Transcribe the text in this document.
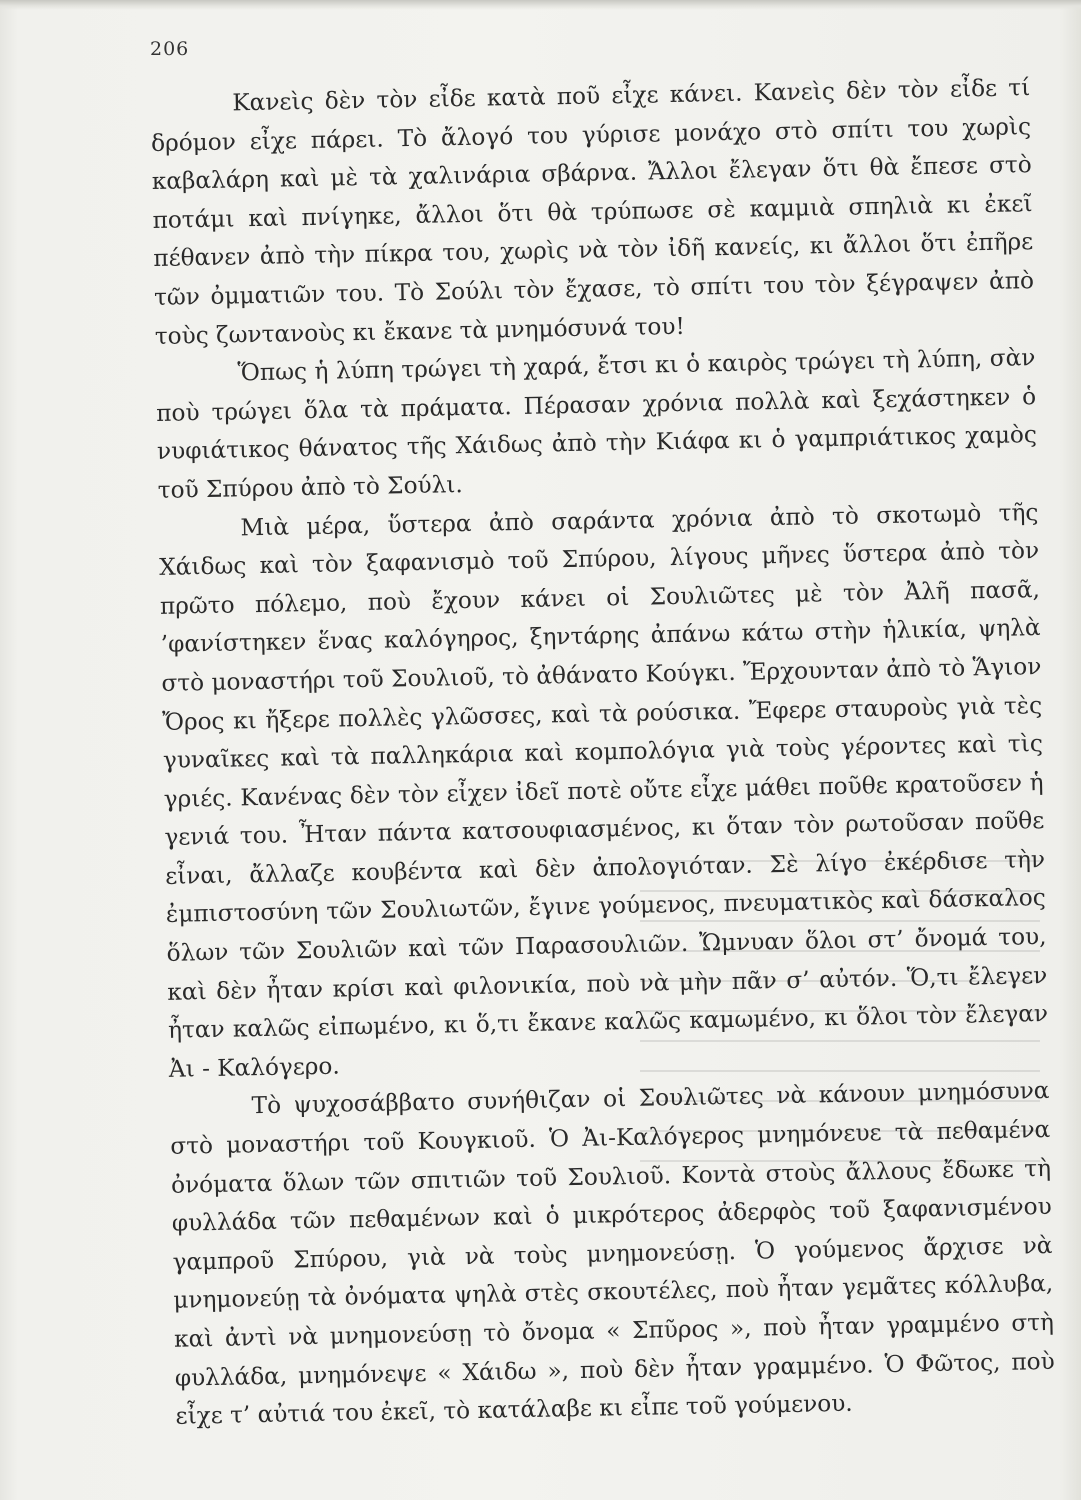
206

Κανεὶς δὲν τὸν εἶδε κατὰ ποῦ εἶχε κάνει. Κανεὶς δὲν τὸν εἶδε τί δρόμον εἶχε πάρει. Τὸ ἄλογό του γύρισε μονάχο στὸ σπίτι του χωρὶς καβαλάρη καὶ μὲ τὰ χαλινάρια σβάρνα. Ἄλλοι ἔλεγαν ὅτι θὰ ἔπεσε στὸ ποτάμι καὶ πνίγηκε, ἄλλοι ὅτι θὰ τρύπωσε σὲ καμμιὰ σπηλιὰ κι ἐκεῖ πέθανεν ἀπὸ τὴν πίκρα του, χωρὶς νὰ τὸν ἰδῆ κανείς, κι ἄλλοι ὅτι ἐπῆρε τῶν ὀμματιῶν του. Τὸ Σούλι τὸν ἔχασε, τὸ σπίτι του τὸν ξέγραψεν ἀπὸ τοὺς ζωντανοὺς κι ἔκανε τὰ μνημόσυνά του!

Ὅπως ἡ λύπη τρώγει τὴ χαρά, ἔτσι κι ὁ καιρὸς τρώγει τὴ λύπη, σὰν ποὺ τρώγει ὅλα τὰ πράματα. Πέρασαν χρόνια πολλὰ καὶ ξεχάστηκεν ὁ νυφιάτικος θάνατος τῆς Χάιδως ἀπὸ τὴν Κιάφα κι ὁ γαμπριάτικος χαμὸς τοῦ Σπύρου ἀπὸ τὸ Σούλι.

Μιὰ μέρα, ὕστερα ἀπὸ σαράντα χρόνια ἀπὸ τὸ σκοτωμὸ τῆς Χάιδως καὶ τὸν ξαφανισμὸ τοῦ Σπύρου, λίγους μῆνες ὕστερα ἀπὸ τὸν πρῶτο πόλεμο, ποὺ ἔχουν κάνει οἱ Σουλιῶτες μὲ τὸν Ἀλῆ πασᾶ, ’φανίστηκεν ἕνας καλόγηρος, ξηντάρης ἀπάνω κάτω στὴν ἡλικία, ψηλὰ στὸ μοναστήρι τοῦ Σουλιοῦ, τὸ ἀθάνατο Κούγκι. Ἔρχουνταν ἀπὸ τὸ Ἅγιον Ὄρος κι ἤξερε πολλὲς γλῶσσες, καὶ τὰ ρούσικα. Ἔφερε σταυροὺς γιὰ τὲς γυναῖκες καὶ τὰ παλληκάρια καὶ κομπολόγια γιὰ τοὺς γέροντες καὶ τὶς γριές. Κανένας δὲν τὸν εἶχεν ἰδεῖ ποτὲ οὔτε εἶχε μάθει ποῦθε κρατοῦσεν ἡ γενιά του. Ἦταν πάντα κατσουφιασμένος, κι ὅταν τὸν ρωτοῦσαν ποῦθε εἶναι, ἄλλαζε κουβέντα καὶ δὲν ἀπολογιόταν. Σὲ λίγο ἐκέρδισε τὴν ἐμπιστοσύνη τῶν Σουλιωτῶν, ἔγινε γούμενος, πνευματικὸς καὶ δάσκαλος ὅλων τῶν Σουλιῶν καὶ τῶν Παρασουλιῶν. Ὤμνυαν ὅλοι στ’ ὄνομά του, καὶ δὲν ἦταν κρίσι καὶ φιλονικία, ποὺ νὰ μὴν πᾶν σ’ αὐτόν. Ὅ,τι ἔλεγεν ἦταν καλῶς εἰπωμένο, κι ὅ,τι ἔκανε καλῶς καμωμένο, κι ὅλοι τὸν ἔλεγαν Ἀι - Καλόγερο.

Τὸ ψυχοσάββατο συνήθιζαν οἱ Σουλιῶτες νὰ κάνουν μνημόσυνα στὸ μοναστήρι τοῦ Κουγκιοῦ. Ὁ Ἀι-Καλόγερος μνημόνευε τὰ πεθαμένα ὀνόματα ὅλων τῶν σπιτιῶν τοῦ Σουλιοῦ. Κοντὰ στοὺς ἄλλους ἔδωκε τὴ φυλλάδα τῶν πεθαμένων καὶ ὁ μικρότερος ἀδερφὸς τοῦ ξαφανισμένου γαμπροῦ Σπύρου, γιὰ νὰ τοὺς μνημονεύσῃ. Ὁ γούμενος ἄρχισε νὰ μνημονεύῃ τὰ ὀνόματα ψηλὰ στὲς σκουτέλες, ποὺ ἦταν γεμᾶτες κόλλυβα, καὶ ἀντὶ νὰ μνημονεύσῃ τὸ ὄνομα « Σπῦρος », ποὺ ἦταν γραμμένο στὴ φυλλάδα, μνημόνεψε « Χάιδω », ποὺ δὲν ἦταν γραμμένο. Ὁ Φῶτος, ποὺ εἶχε τ’ αὐτιά του ἐκεῖ, τὸ κατάλαβε κι εἶπε τοῦ γούμενου.
